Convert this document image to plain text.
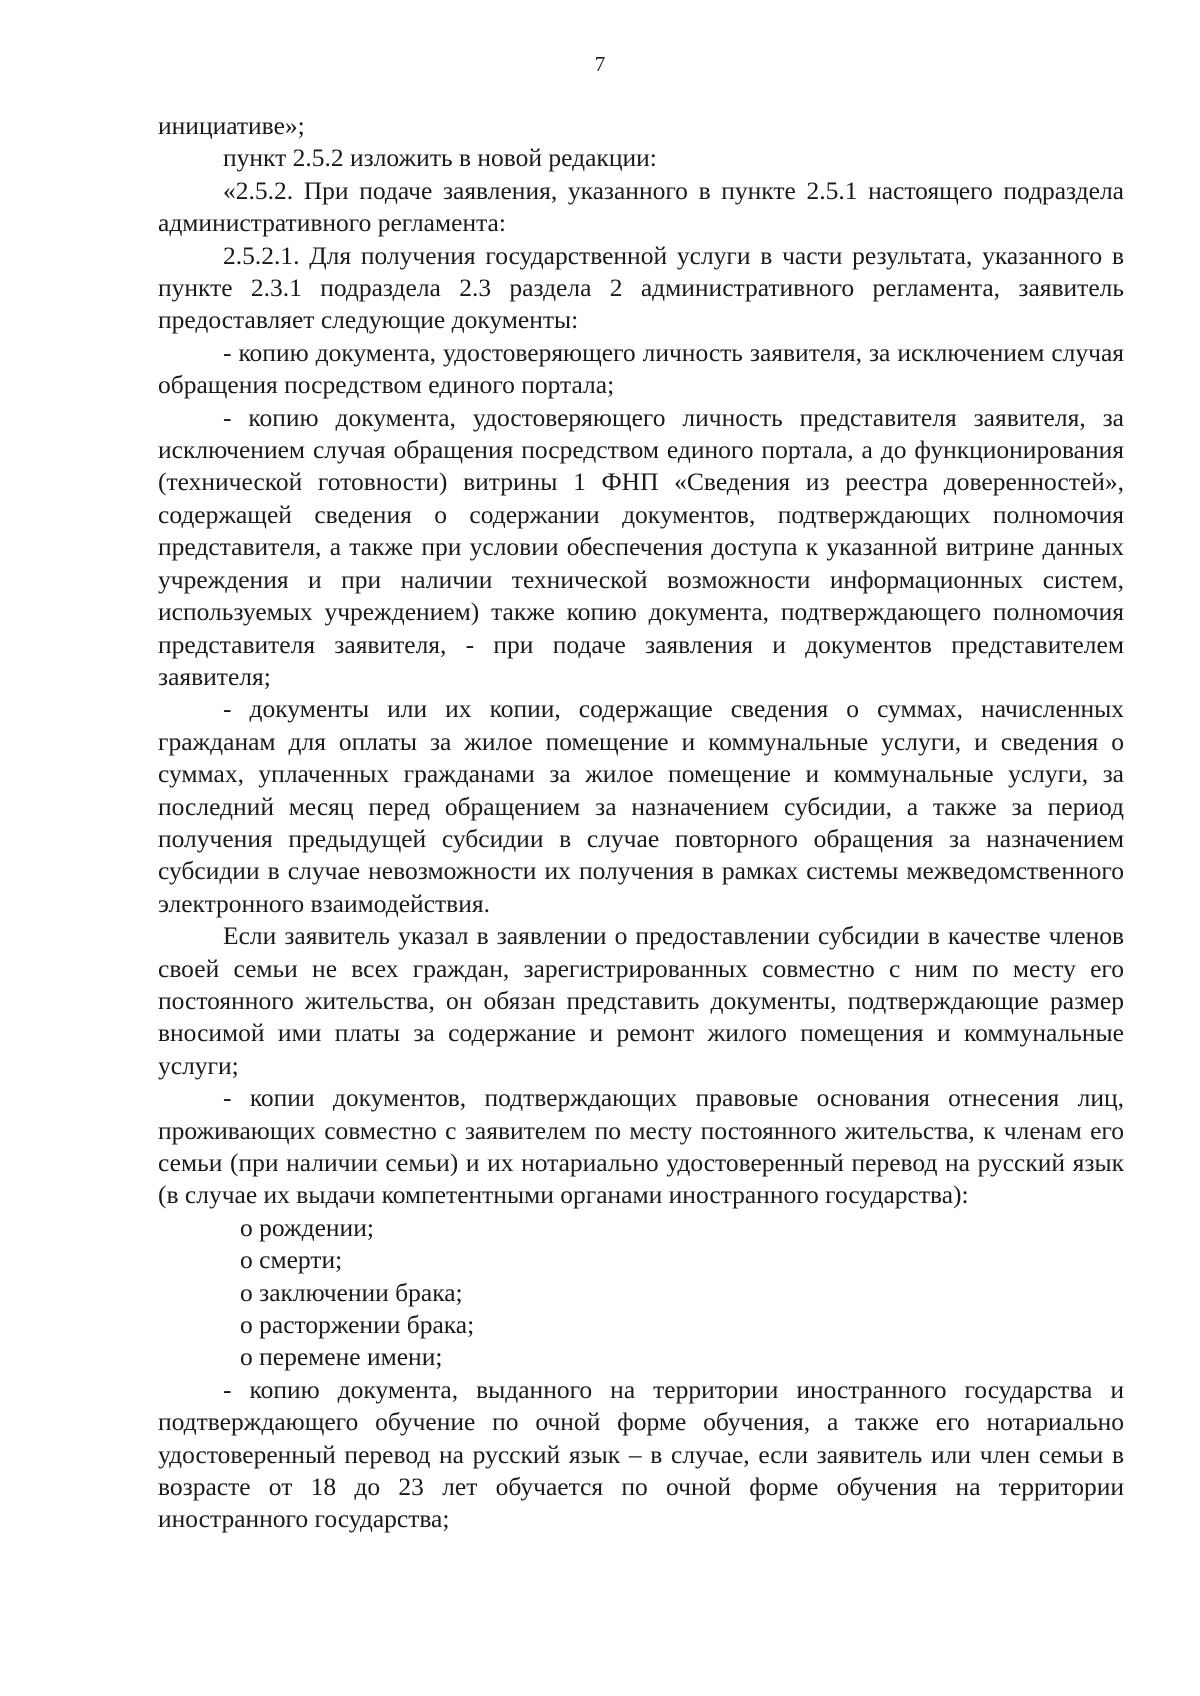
7

инициативе»;

пункт 2.5.2 изложить в новой редакции:

«2.5.2. При подаче заявления, указанного в пункте 2.5.1 настоящего подраздела административного регламента:

2.5.2.1. Для получения государственной услуги в части результата, указанного в пункте 2.3.1 подраздела 2.3 раздела 2 административного регламента, заявитель предоставляет следующие документы:

- копию документа, удостоверяющего личность заявителя, за исключением случая обращения посредством единого портала;

- копию документа, удостоверяющего личность представителя заявителя, за исключением случая обращения посредством единого портала, а до функционирования (технической готовности) витрины 1 ФНП «Сведения из реестра доверенностей», содержащей сведения о содержании документов, подтверждающих полномочия представителя, а также при условии обеспечения доступа к указанной витрине данных учреждения и при наличии технической возможности информационных систем, используемых учреждением) также копию документа, подтверждающего полномочия представителя заявителя, - при подаче заявления и документов представителем заявителя;

- документы или их копии, содержащие сведения о суммах, начисленных гражданам для оплаты за жилое помещение и коммунальные услуги, и сведения о суммах, уплаченных гражданами за жилое помещение и коммунальные услуги, за последний месяц перед обращением за назначением субсидии, а также за период получения предыдущей субсидии в случае повторного обращения за назначением субсидии в случае невозможности их получения в рамках системы межведомственного электронного взаимодействия.

Если заявитель указал в заявлении о предоставлении субсидии в качестве членов своей семьи не всех граждан, зарегистрированных совместно с ним по месту его постоянного жительства, он обязан представить документы, подтверждающие размер вносимой ими платы за содержание и ремонт жилого помещения и коммунальные услуги;

- копии документов, подтверждающих правовые основания отнесения лиц, проживающих совместно с заявителем по месту постоянного жительства, к членам его семьи (при наличии семьи) и их нотариально удостоверенный перевод на русский язык (в случае их выдачи компетентными органами иностранного государства):

о рождении;

о смерти;

о заключении брака;

о расторжении брака;

о перемене имени;

- копию документа, выданного на территории иностранного государства и подтверждающего обучение по очной форме обучения, а также его нотариально удостоверенный перевод на русский язык – в случае, если заявитель или член семьи в возрасте от 18 до 23 лет обучается по очной форме обучения на территории иностранного государства;
